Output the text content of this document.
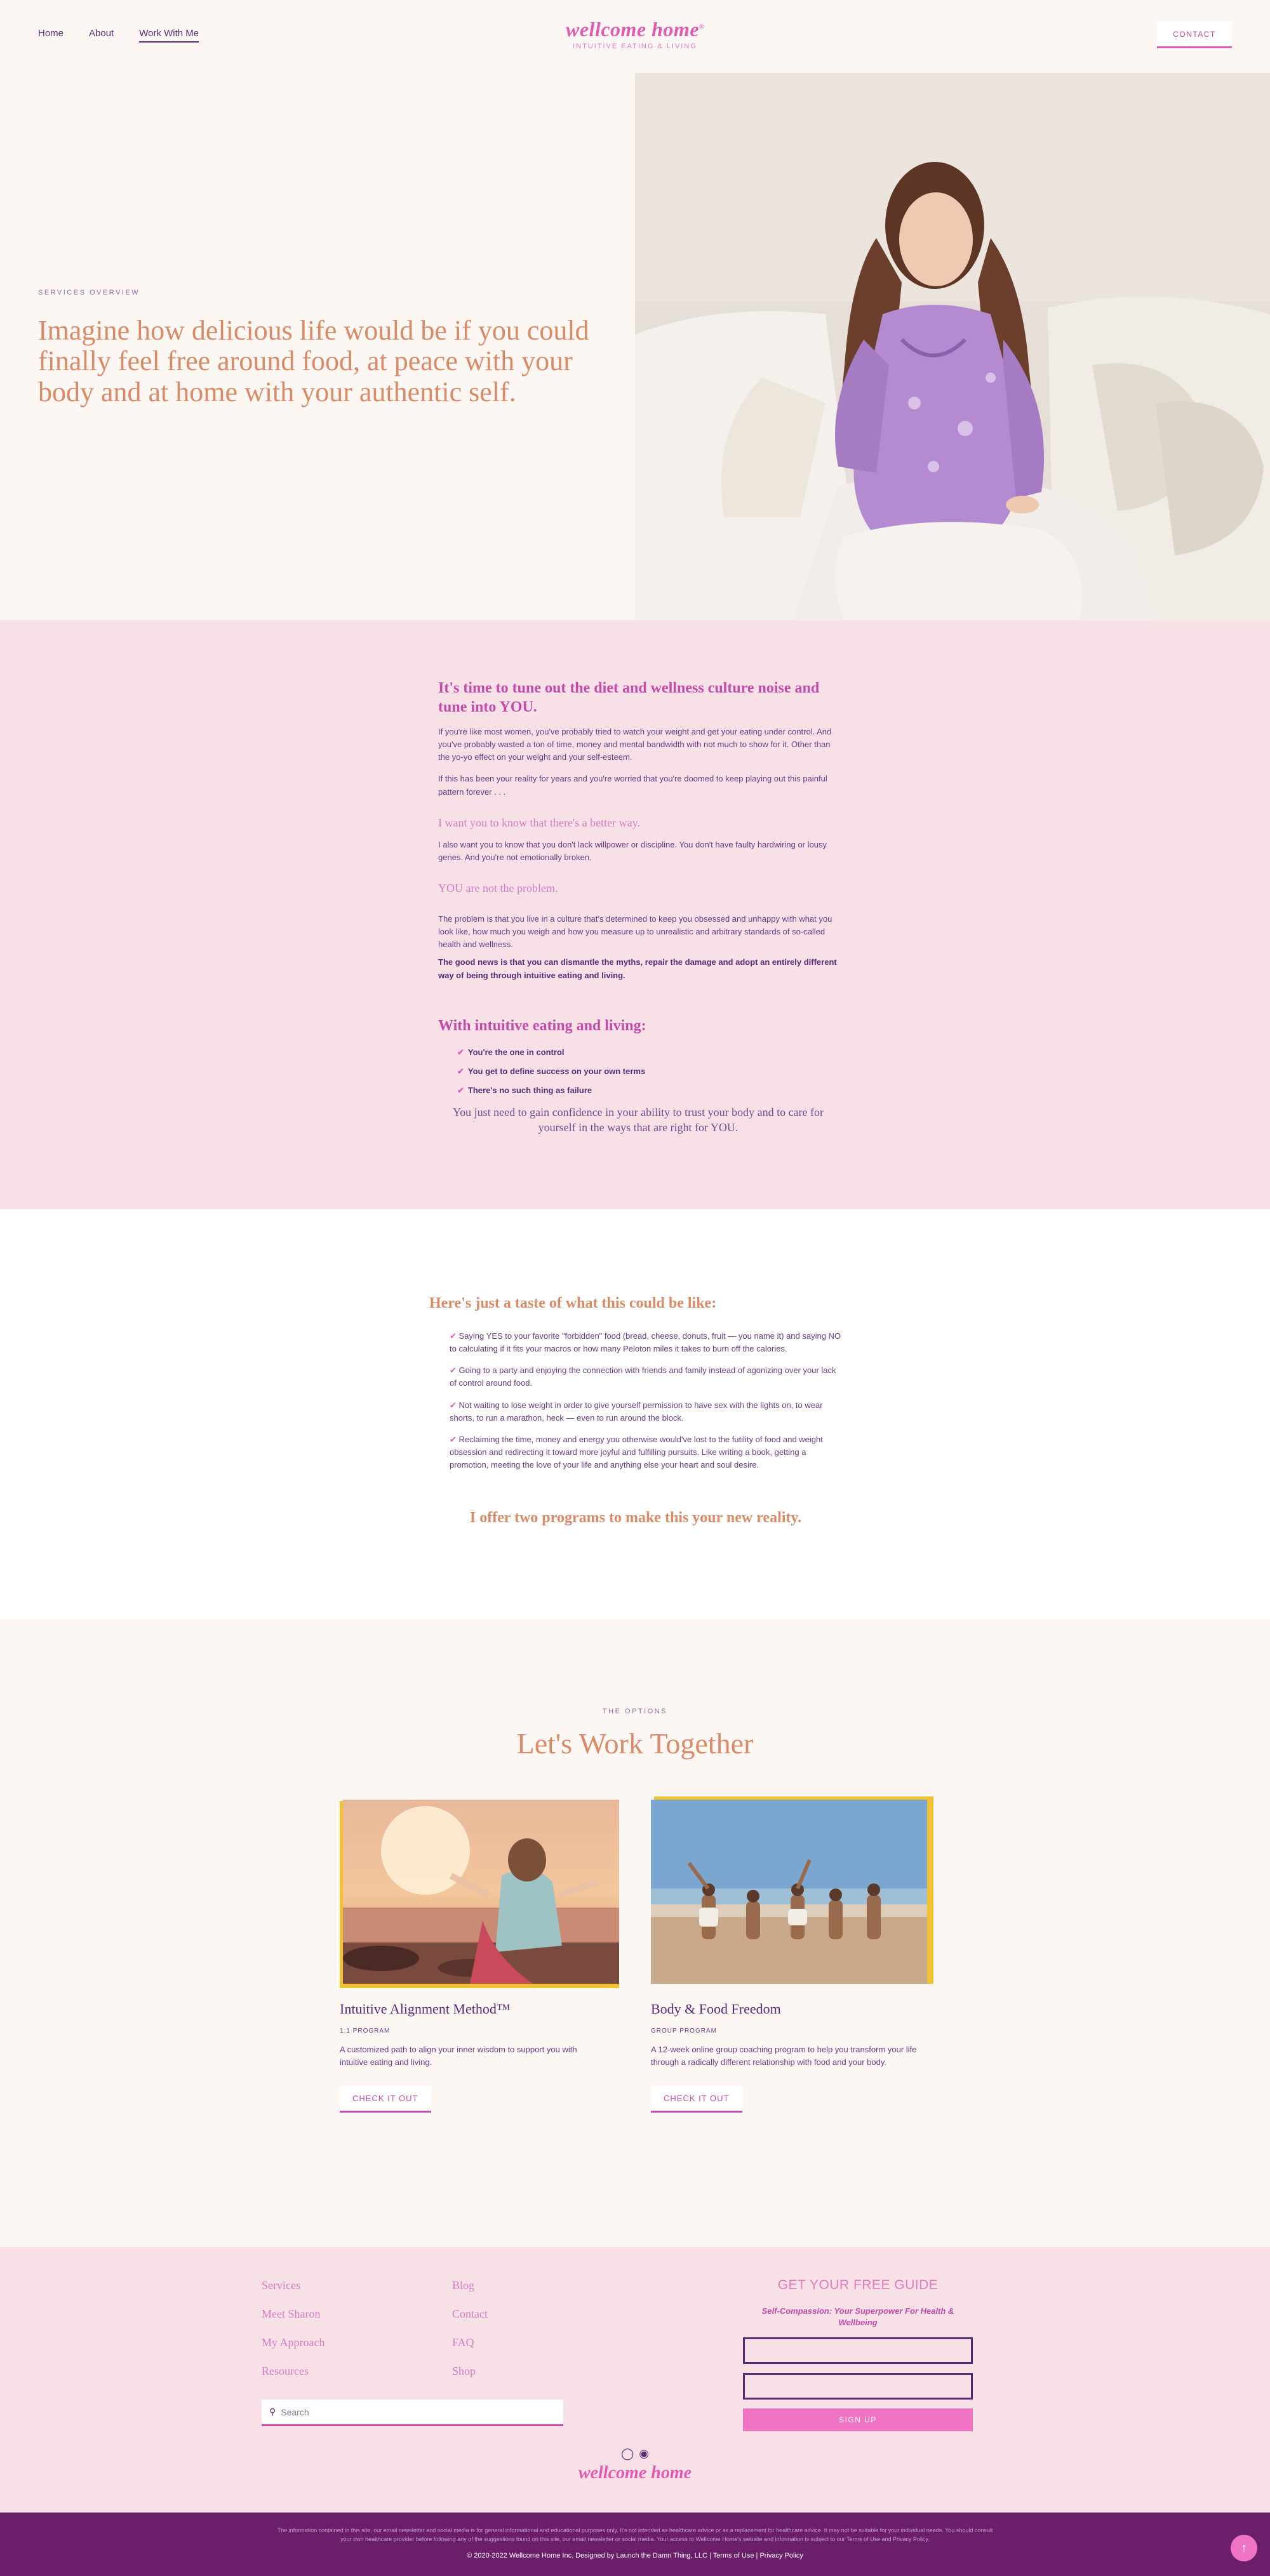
Home	About	Work With Me	wellcome home®
INTUITIVE EATING & LIVING
CONTACT
SERVICES OVERVIEW
Imagine how delicious life would be if you could finally feel free around food, at peace with your body and at home with your authentic self.
It's time to tune out the diet and wellness culture noise and tune into YOU.

If you're like most women, you've probably tried to watch your weight and get your eating under control. And you've probably wasted a ton of time, money and mental bandwidth with not much to show for it. Other than the yo-yo effect on your weight and your self-esteem.

If this has been your reality for years and you're worried that you're doomed to keep playing out this painful pattern forever . . .

I want you to know that there's a better way.

I also want you to know that you don't lack willpower or discipline. You don't have faulty hardwiring or lousy genes. And you're not emotionally broken.

YOU are not the problem.

The problem is that you live in a culture that's determined to keep you obsessed and unhappy with what you look like, how much you weigh and how you measure up to unrealistic and arbitrary standards of so-called health and wellness.

The good news is that you can dismantle the myths, repair the damage and adopt an entirely different way of being through intuitive eating and living.

With intuitive eating and living:
✔ You're the one in control
✔ You get to define success on your own terms
✔ There's no such thing as failure
You just need to gain confidence in your ability to trust your body and to care for yourself in the ways that are right for YOU.
Here's just a taste of what this could be like:

✔ Saying YES to your favorite "forbidden" food (bread, cheese, donuts, fruit — you name it) and saying NO to calculating if it fits your macros or how many Peloton miles it takes to burn off the calories.

✔ Going to a party and enjoying the connection with friends and family instead of agonizing over your lack of control around food.

✔ Not waiting to lose weight in order to give yourself permission to have sex with the lights on, to wear shorts, to run a marathon, heck — even to run around the block.

✔ Reclaiming the time, money and energy you otherwise would've lost to the futility of food and weight obsession and redirecting it toward more joyful and fulfilling pursuits. Like writing a book, getting a promotion, meeting the love of your life and anything else your heart and soul desire.

I offer two programs to make this your new reality.
THE OPTIONS
Let's Work Together
Intuitive Alignment Method™
1:1 PROGRAM

A customized path to align your inner wisdom to support you with intuitive eating and living.

CHECK IT OUT
Body & Food Freedom
GROUP PROGRAM

A 12-week online group coaching program to help you transform your life through a radically different relationship with food and your body.

CHECK IT OUT
Services
Meet Sharon
My Approach
Resources
Blog
Contact
FAQ
Shop
⚲ Search
GET YOUR FREE GUIDE
Self-Compassion: Your Superpower For Health & Wellbeing
SIGN UP
◯ ◉
wellcome home
The information contained in this site, our email newsletter and social media is for general informational and educational purposes only. It's not intended as healthcare advice or as a replacement for healthcare advice. It may not be suitable for your individual needs. You should consult your own healthcare provider before following any of the suggestions found on this site, our email newsletter or social media. Your access to Wellcome Home's website and information is subject to our Terms of Use and Privacy Policy.
© 2020-2022 Wellcome Home Inc. Designed by Launch the Damn Thing, LLC | Terms of Use | Privacy Policy
↑
